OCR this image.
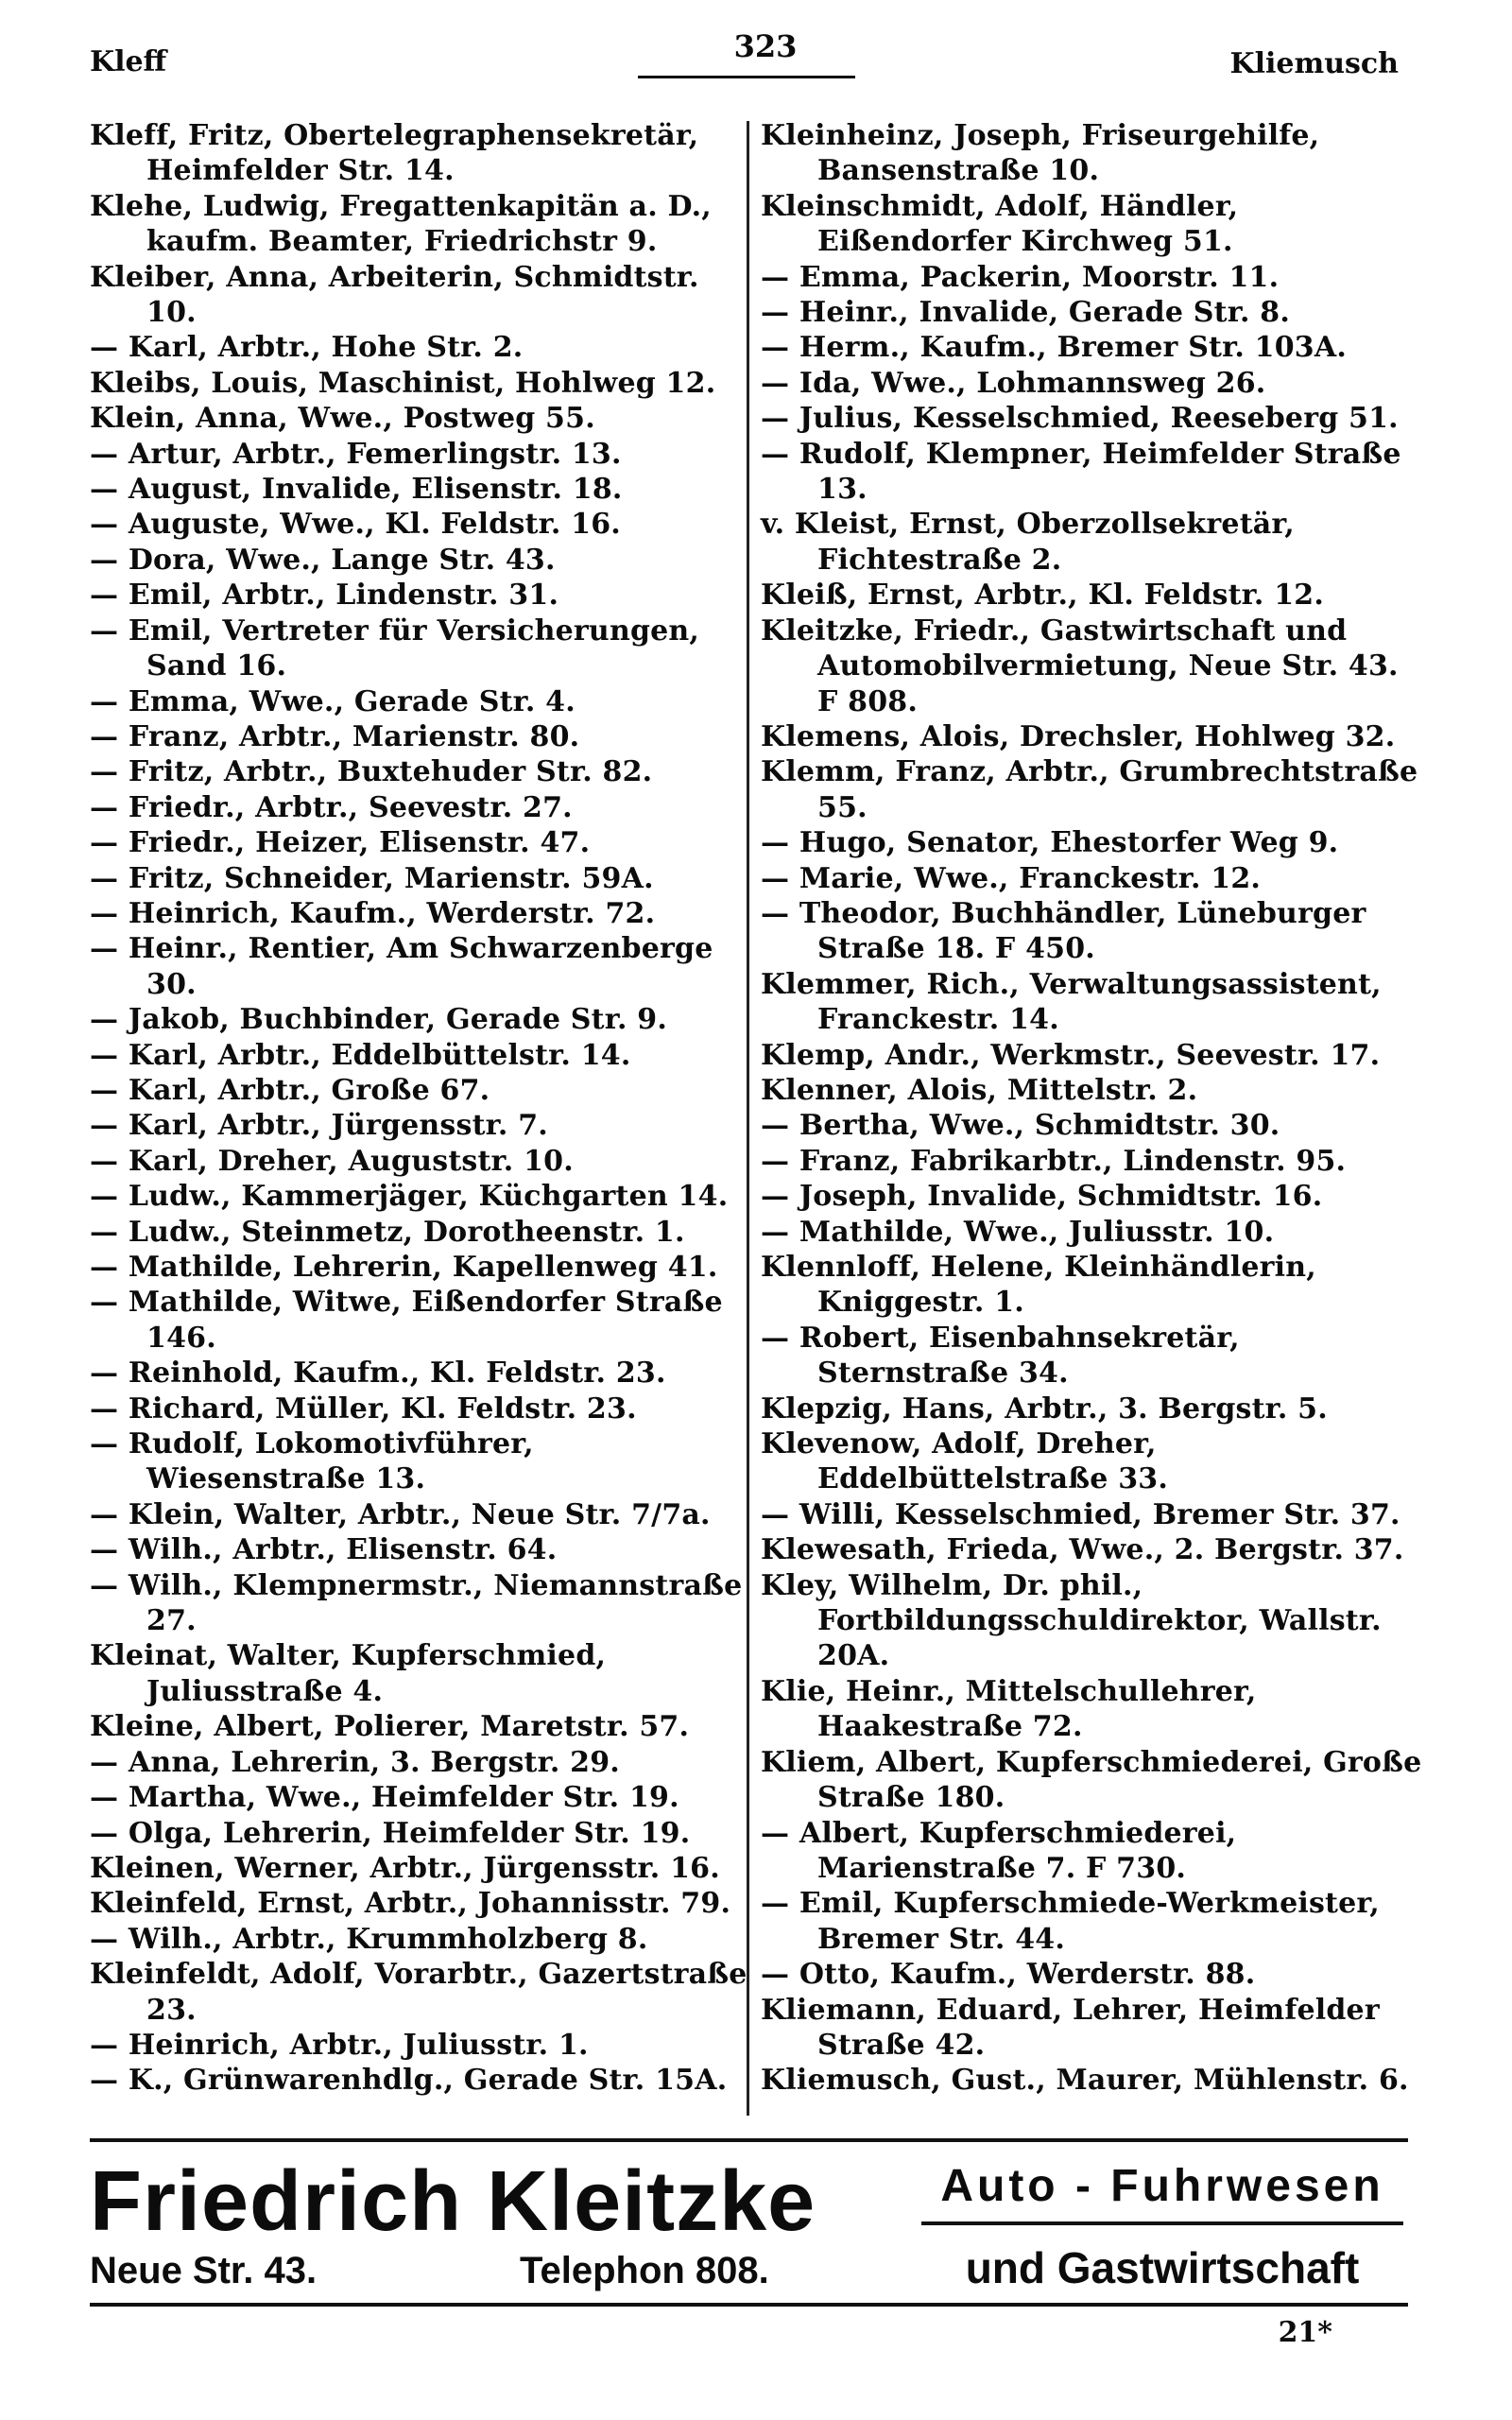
Kleff	323	Kliemusch
Kleff, Fritz, Obertelegraphensekretär, Heimfelder Str. 14.
Klehe, Ludwig, Fregattenkapitän a. D., kaufm. Beamter, Friedrichstr 9.
Kleiber, Anna, Arbeiterin, Schmidtstr. 10.
— Karl, Arbtr., Hohe Str. 2.
Kleibs, Louis, Maschinist, Hohlweg 12.
Klein, Anna, Wwe., Postweg 55.
— Artur, Arbtr., Femerlingstr. 13.
— August, Invalide, Elisenstr. 18.
— Auguste, Wwe., Kl. Feldstr. 16.
— Dora, Wwe., Lange Str. 43.
— Emil, Arbtr., Lindenstr. 31.
— Emil, Vertreter für Versicherungen, Sand 16.
— Emma, Wwe., Gerade Str. 4.
— Franz, Arbtr., Marienstr. 80.
— Fritz, Arbtr., Buxtehuder Str. 82.
— Friedr., Arbtr., Seevestr. 27.
— Friedr., Heizer, Elisenstr. 47.
— Fritz, Schneider, Marienstr. 59A.
— Heinrich, Kaufm., Werderstr. 72.
— Heinr., Rentier, Am Schwarzenberge 30.
— Jakob, Buchbinder, Gerade Str. 9.
— Karl, Arbtr., Eddelbüttelstr. 14.
— Karl, Arbtr., Große 67.
— Karl, Arbtr., Jürgensstr. 7.
— Karl, Dreher, Auguststr. 10.
— Ludw., Kammerjäger, Küchgarten 14.
— Ludw., Steinmetz, Dorotheenstr. 1.
— Mathilde, Lehrerin, Kapellenweg 41.
— Mathilde, Witwe, Eißendorfer Straße 146.
— Reinhold, Kaufm., Kl. Feldstr. 23.
— Richard, Müller, Kl. Feldstr. 23.
— Rudolf, Lokomotivführer, Wiesenstraße 13.
— Klein, Walter, Arbtr., Neue Str. 7/7a.
— Wilh., Arbtr., Elisenstr. 64.
— Wilh., Klempnermstr., Niemannstraße 27.
Kleinat, Walter, Kupferschmied, Juliusstraße 4.
Kleine, Albert, Polierer, Maretstr. 57.
— Anna, Lehrerin, 3. Bergstr. 29.
— Martha, Wwe., Heimfelder Str. 19.
— Olga, Lehrerin, Heimfelder Str. 19.
Kleinen, Werner, Arbtr., Jürgensstr. 16.
Kleinfeld, Ernst, Arbtr., Johannisstr. 79.
— Wilh., Arbtr., Krummholzberg 8.
Kleinfeldt, Adolf, Vorarbtr., Gazertstraße 23.
— Heinrich, Arbtr., Juliusstr. 1.
— K., Grünwarenhdlg., Gerade Str. 15A.
Kleinheinz, Joseph, Friseurgehilfe, Bansenstraße 10.
Kleinschmidt, Adolf, Händler, Eißendorfer Kirchweg 51.
— Emma, Packerin, Moorstr. 11.
— Heinr., Invalide, Gerade Str. 8.
— Herm., Kaufm., Bremer Str. 103A.
— Ida, Wwe., Lohmannsweg 26.
— Julius, Kesselschmied, Reeseberg 51.
— Rudolf, Klempner, Heimfelder Straße 13.
v. Kleist, Ernst, Oberzollsekretär, Fichtestraße 2.
Kleiß, Ernst, Arbtr., Kl. Feldstr. 12.
Kleitzke, Friedr., Gastwirtschaft und Automobilvermietung, Neue Str. 43. F 808.
Klemens, Alois, Drechsler, Hohlweg 32.
Klemm, Franz, Arbtr., Grumbrechtstraße 55.
— Hugo, Senator, Ehestorfer Weg 9.
— Marie, Wwe., Franckestr. 12.
— Theodor, Buchhändler, Lüneburger Straße 18. F 450.
Klemmer, Rich., Verwaltungsassistent, Franckestr. 14.
Klemp, Andr., Werkmstr., Seevestr. 17.
Klenner, Alois, Mittelstr. 2.
— Bertha, Wwe., Schmidtstr. 30.
— Franz, Fabrikarbtr., Lindenstr. 95.
— Joseph, Invalide, Schmidtstr. 16.
— Mathilde, Wwe., Juliusstr. 10.
Klennloff, Helene, Kleinhändlerin, Kniggestr. 1.
— Robert, Eisenbahnsekretär, Sternstraße 34.
Klepzig, Hans, Arbtr., 3. Bergstr. 5.
Klevenow, Adolf, Dreher, Eddelbüttelstraße 33.
— Willi, Kesselschmied, Bremer Str. 37.
Klewesath, Frieda, Wwe., 2. Bergstr. 37.
Kley, Wilhelm, Dr. phil., Fortbildungsschuldirektor, Wallstr. 20A.
Klie, Heinr., Mittelschullehrer, Haakestraße 72.
Kliem, Albert, Kupferschmiederei, Große Straße 180.
— Albert, Kupferschmiederei, Marienstraße 7. F 730.
— Emil, Kupferschmiede-Werkmeister, Bremer Str. 44.
— Otto, Kaufm., Werderstr. 88.
Kliemann, Eduard, Lehrer, Heimfelder Straße 42.
Kliemusch, Gust., Maurer, Mühlenstr. 6.
Friedrich Kleitzke
Neue Str. 43.	Telephon 808.
Auto - Fuhrwesen
und Gastwirtschaft
21*
